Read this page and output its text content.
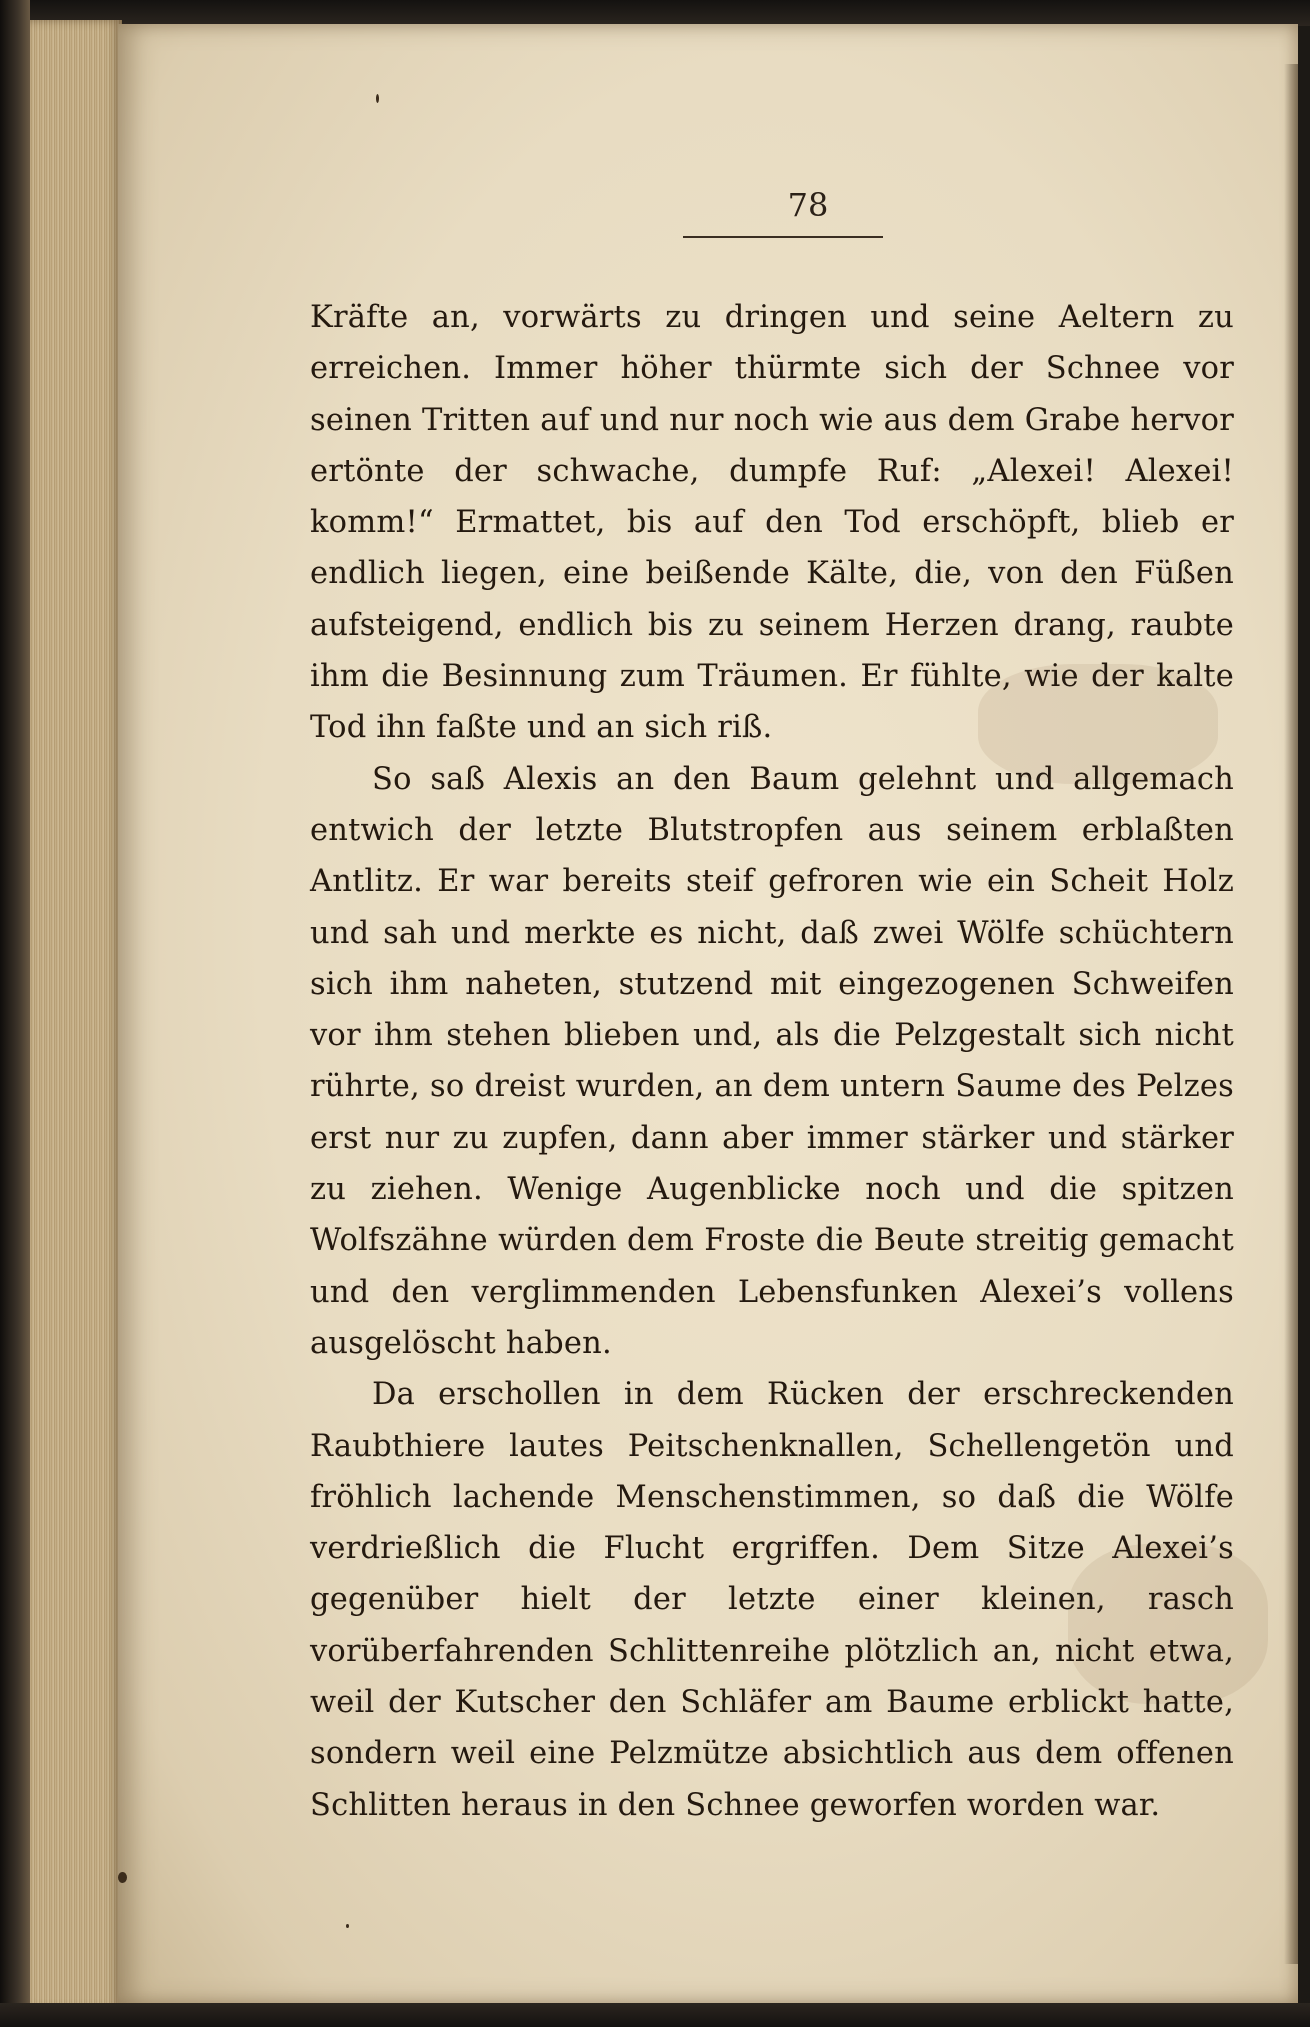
78

Kräfte an, vorwärts zu dringen und seine Aeltern zu erreichen. Immer höher thürmte sich der Schnee vor seinen Tritten auf und nur noch wie aus dem Grabe hervor ertönte der schwache, dumpfe Ruf: „Alexei! Alexei! komm!“ Ermattet, bis auf den Tod erschöpft, blieb er endlich liegen, eine beißende Kälte, die, von den Füßen aufsteigend, endlich bis zu seinem Herzen drang, raubte ihm die Besinnung zum Träumen. Er fühlte, wie der kalte Tod ihn faßte und an sich riß.

So saß Alexis an den Baum gelehnt und allgemach entwich der letzte Blutstropfen aus seinem erblaßten Antlitz. Er war bereits steif gefroren wie ein Scheit Holz und sah und merkte es nicht, daß zwei Wölfe schüchtern sich ihm naheten, stutzend mit eingezogenen Schweifen vor ihm stehen blieben und, als die Pelzgestalt sich nicht rührte, so dreist wurden, an dem untern Saume des Pelzes erst nur zu zupfen, dann aber immer stärker und stärker zu ziehen. Wenige Augenblicke noch und die spitzen Wolfszähne würden dem Froste die Beute streitig gemacht und den verglimmenden Lebensfunken Alexei’s vollens ausgelöscht haben.

Da erschollen in dem Rücken der erschreckenden Raubthiere lautes Peitschenknallen, Schellengetön und fröhlich lachende Menschenstimmen, so daß die Wölfe verdrießlich die Flucht ergriffen. Dem Sitze Alexei’s gegenüber hielt der letzte einer kleinen, rasch vorüberfahrenden Schlittenreihe plötzlich an, nicht etwa, weil der Kutscher den Schläfer am Baume erblickt hatte, sondern weil eine Pelzmütze absichtlich aus dem offenen Schlitten heraus in den Schnee geworfen worden war.
